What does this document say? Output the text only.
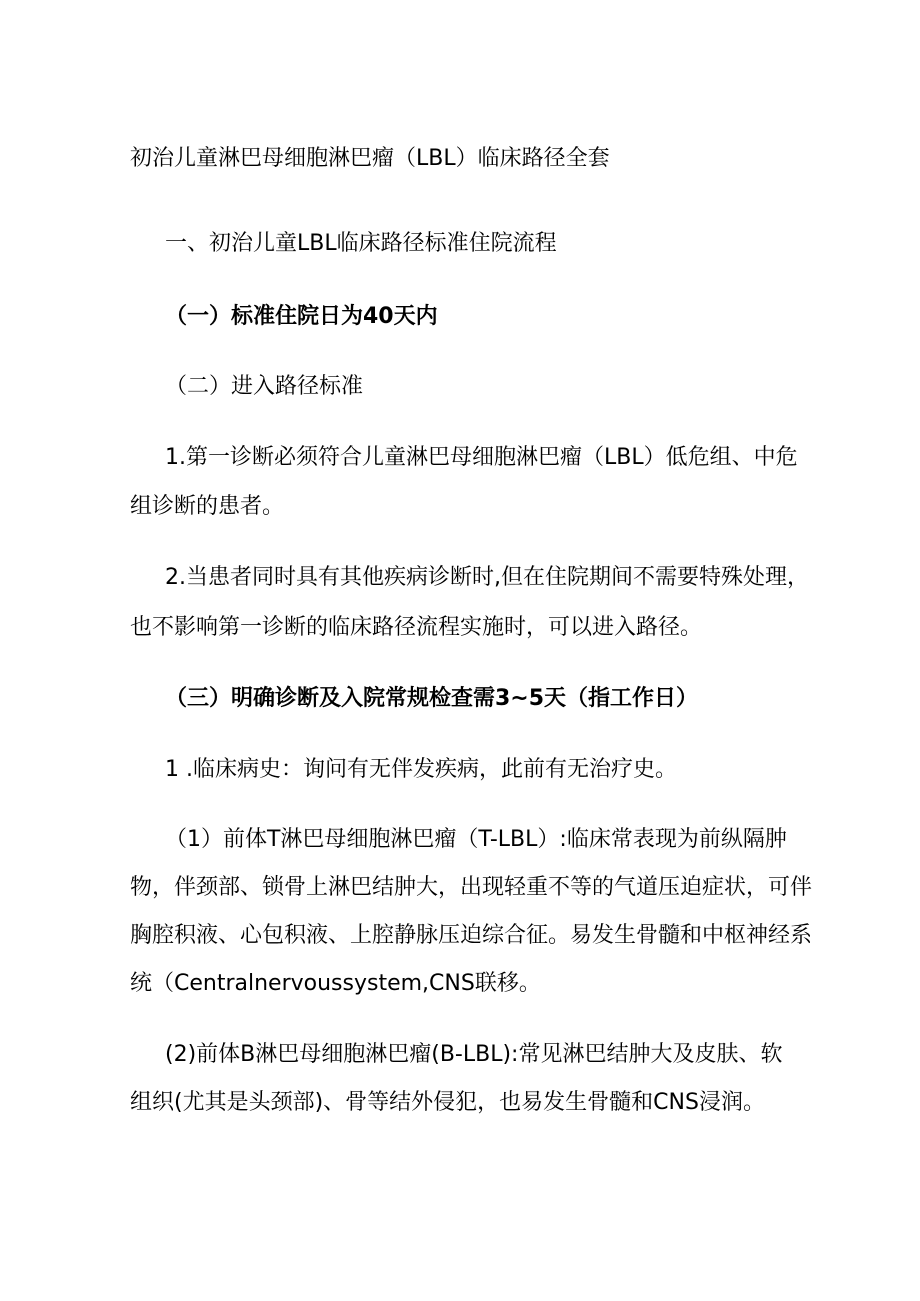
初治儿童淋巴母细胞淋巴瘤（LBL）临床路径全套
一、初治儿童LBL临床路径标准住院流程
（一）标准住院日为40天内
（二）进入路径标准
1.第一诊断必须符合儿童淋巴母细胞淋巴瘤（LBL）低危组、中危
组诊断的患者。
2.当患者同时具有其他疾病诊断时,但在住院期间不需要特殊处理，
也不影响第一诊断的临床路径流程实施时，可以进入路径。
（三）明确诊断及入院常规检查需3~5天（指工作日）
1 .临床病史：询问有无伴发疾病，此前有无治疗史。
（1）前体T淋巴母细胞淋巴瘤（T-LBL）:临床常表现为前纵隔肿
物，伴颈部、锁骨上淋巴结肿大，出现轻重不等的气道压迫症状，可伴
胸腔积液、心包积液、上腔静脉压迫综合征。易发生骨髓和中枢神经系
统（Centralnervoussystem,CNS联移。
(2)前体B淋巴母细胞淋巴瘤(B-LBL):常见淋巴结肿大及皮肤、软
组织(尤其是头颈部)、骨等结外侵犯，也易发生骨髓和CNS浸润。
